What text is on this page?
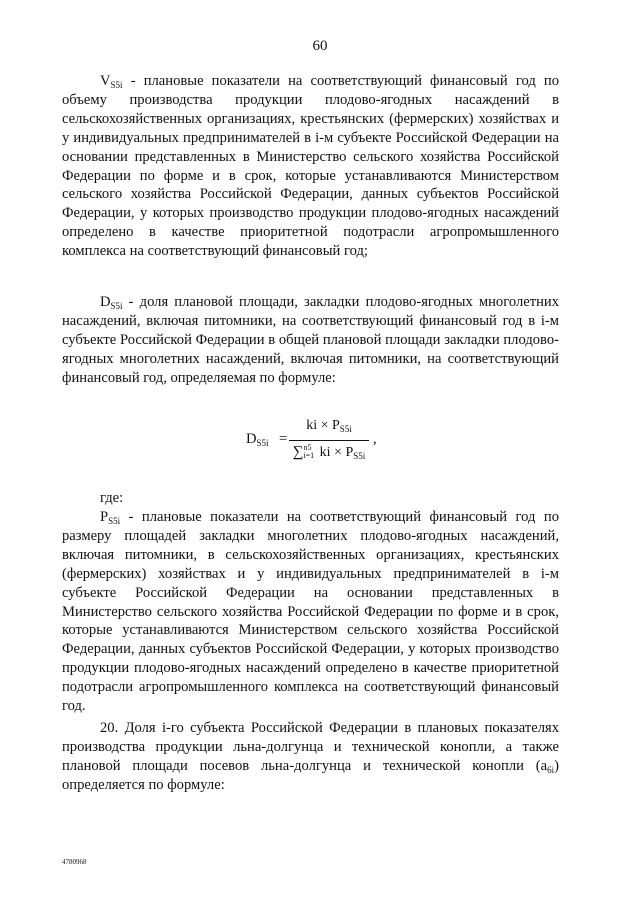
60

$V_{S5i}$ - плановые показатели на соответствующий финансовый год по объему производства продукции плодово-ягодных насаждений в сельскохозяйственных организациях, крестьянских (фермерских) хозяйствах и у индивидуальных предпринимателей в i-м субъекте Российской Федерации на основании представленных в Министерство сельского хозяйства Российской Федерации по форме и в срок, которые устанавливаются Министерством сельского хозяйства Российской Федерации, данных субъектов Российской Федерации, у которых производство продукции плодово-ягодных насаждений определено в качестве приоритетной подотрасли агропромышленного комплекса на соответствующий финансовый год;

$D_{S5i}$ - доля плановой площади, закладки плодово-ягодных многолетних насаждений, включая питомники, на соответствующий финансовый год в i-м субъекте Российской Федерации в общей плановой площади закладки плодово-ягодных многолетних насаждений, включая питомники, на соответствующий финансовый год, определяемая по формуле:

$D_{S5i}$ =
ki × $P_{S5i}$
∑n5
i=1 ki × $P_{S5i}$
,

где:

$P_{S5i}$ - плановые показатели на соответствующий финансовый год по размеру площадей закладки многолетних плодово-ягодных насаждений, включая питомники, в сельскохозяйственных организациях, крестьянских (фермерских) хозяйствах и у индивидуальных предпринимателей в i-м субъекте Российской Федерации на основании представленных в Министерство сельского хозяйства Российской Федерации по форме и в срок, которые устанавливаются Министерством сельского хозяйства Российской Федерации, данных субъектов Российской Федерации, у которых производство продукции плодово-ягодных насаждений определено в качестве приоритетной подотрасли агропромышленного комплекса на соответствующий финансовый год.

20. Доля i-го субъекта Российской Федерации в плановых показателях производства продукции льна-долгунца и технической конопли, а также плановой площади посевов льна-долгунца и технической конопли $(a_{6i})$ определяется по формуле:

4780968
